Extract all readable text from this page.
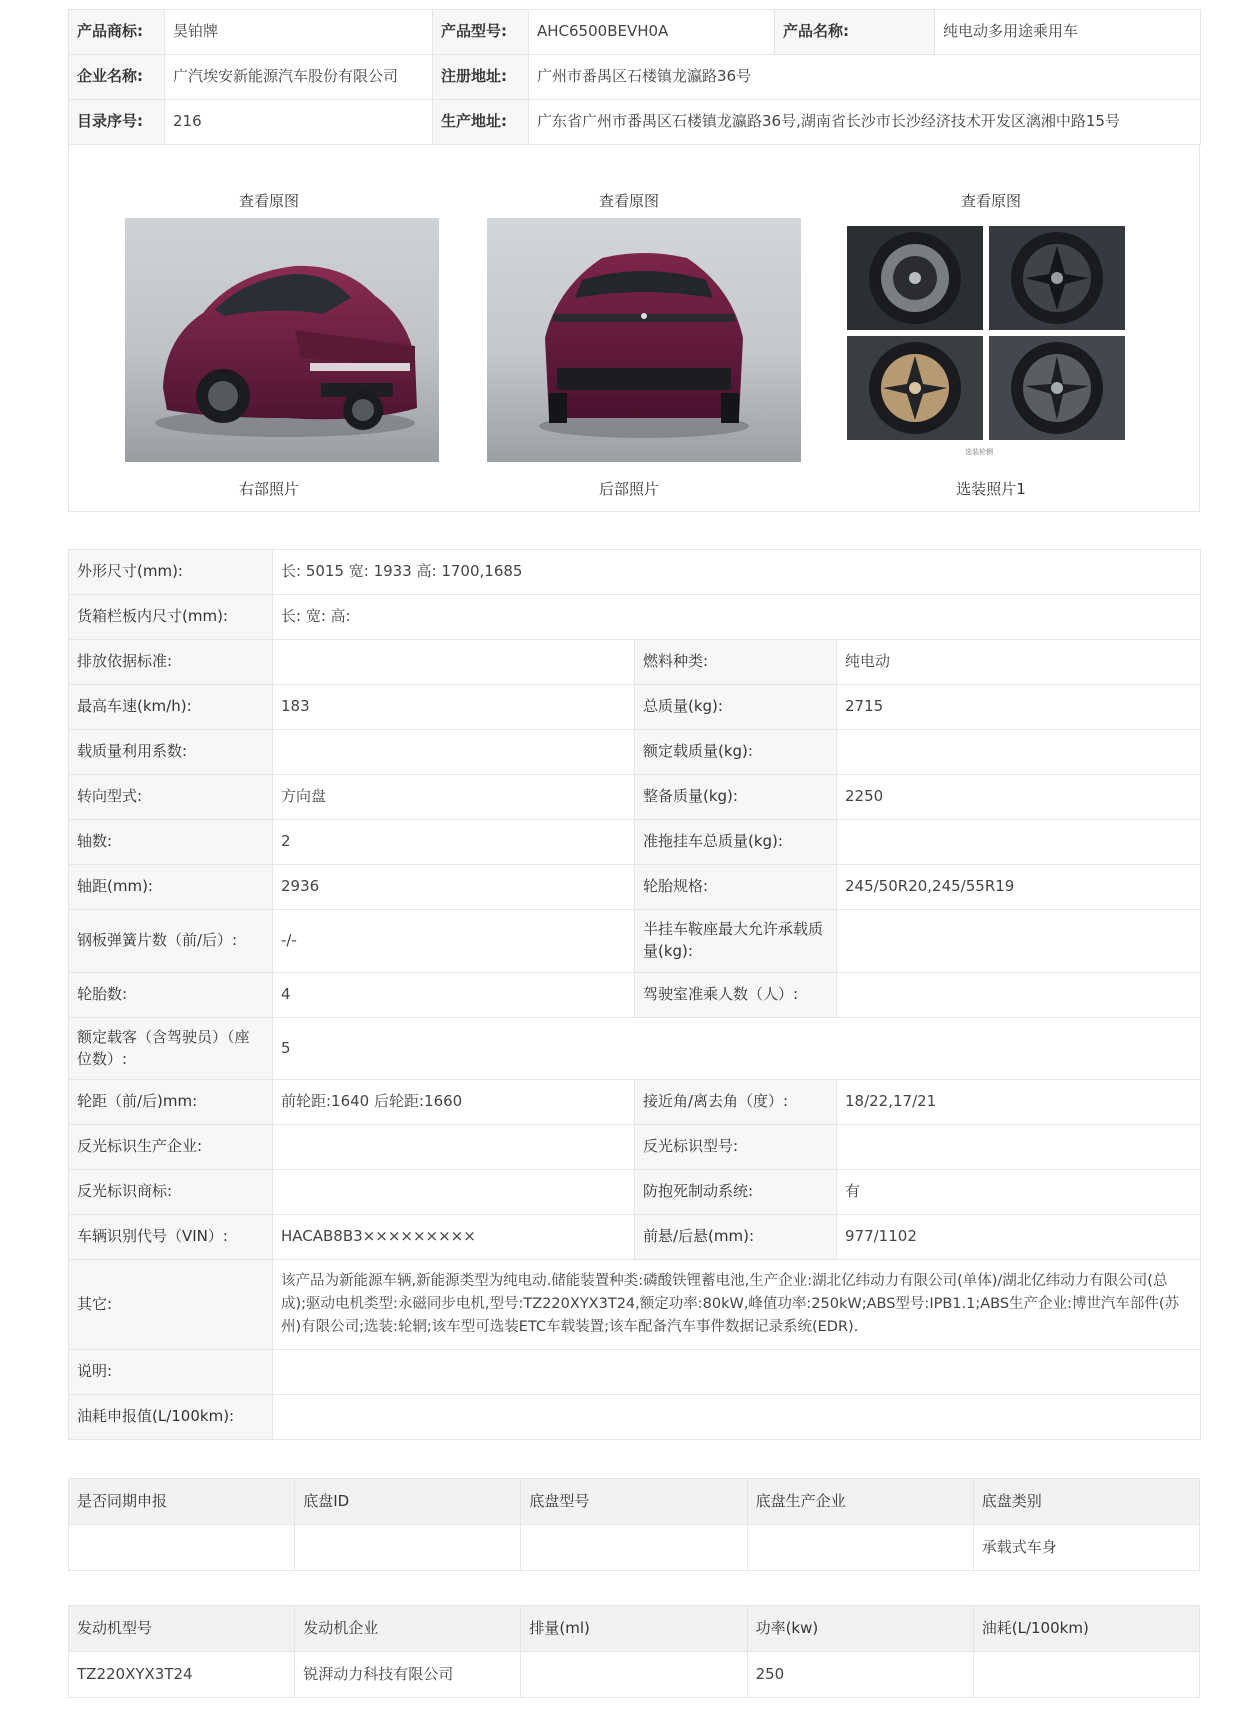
产品商标:	昊铂牌	产品型号:	AHC6500BEVH0A	产品名称:	纯电动多用途乘用车
企业名称:	广汽埃安新能源汽车股份有限公司	注册地址:	广州市番禺区石楼镇龙瀛路36号		
目录序号:	216	生产地址:	广东省广州市番禺区石楼镇龙瀛路36号,湖南省长沙市长沙经济技术开发区漓湘中路15号		
查看原图
右部照片
查看原图
后部照片
查看原图
选装轮辋
选装照片1
外形尺寸(mm):	长: 5015 宽: 1933 高: 1700,1685		
货箱栏板内尺寸(mm):	长: 宽: 高:		
排放依据标准:		燃料种类:	纯电动
最高车速(km/h):	183	总质量(kg):	2715
载质量利用系数:		额定载质量(kg):	
转向型式:	方向盘	整备质量(kg):	2250
轴数:	2	准拖挂车总质量(kg):	
轴距(mm):	2936	轮胎规格:	245/50R20,245/55R19
钢板弹簧片数（前/后）:	-/-	半挂车鞍座最大允许承载质量(kg):	
轮胎数:	4	驾驶室准乘人数（人）:	
额定载客（含驾驶员）（座位数）:	5		
轮距（前/后)mm:	前轮距:1640 后轮距:1660	接近角/离去角（度）:	18/22,17/21
反光标识生产企业:		反光标识型号:	
反光标识商标:		防抱死制动系统:	有
车辆识别代号（VIN）:	HACAB8B3×××××××××	前悬/后悬(mm):	977/1102
其它:	该产品为新能源车辆,新能源类型为纯电动.储能装置种类:磷酸铁锂蓄电池,生产企业:湖北亿纬动力有限公司(单体)/湖北亿纬动力有限公司(总成);驱动电机类型:永磁同步电机,型号:TZ220XYX3T24,额定功率:80kW,峰值功率:250kW;ABS型号:IPB1.1;ABS生产企业:博世汽车部件(苏州)有限公司;选装:轮辋;该车型可选装ETC车载装置;该车配备汽车事件数据记录系统(EDR).		
说明:			
油耗申报值(L/100km):			
是否同期申报	底盘ID	底盘型号	底盘生产企业	底盘类别
				承载式车身
发动机型号	发动机企业	排量(ml)	功率(kw)	油耗(L/100km)
TZ220XYX3T24	锐湃动力科技有限公司		250	
